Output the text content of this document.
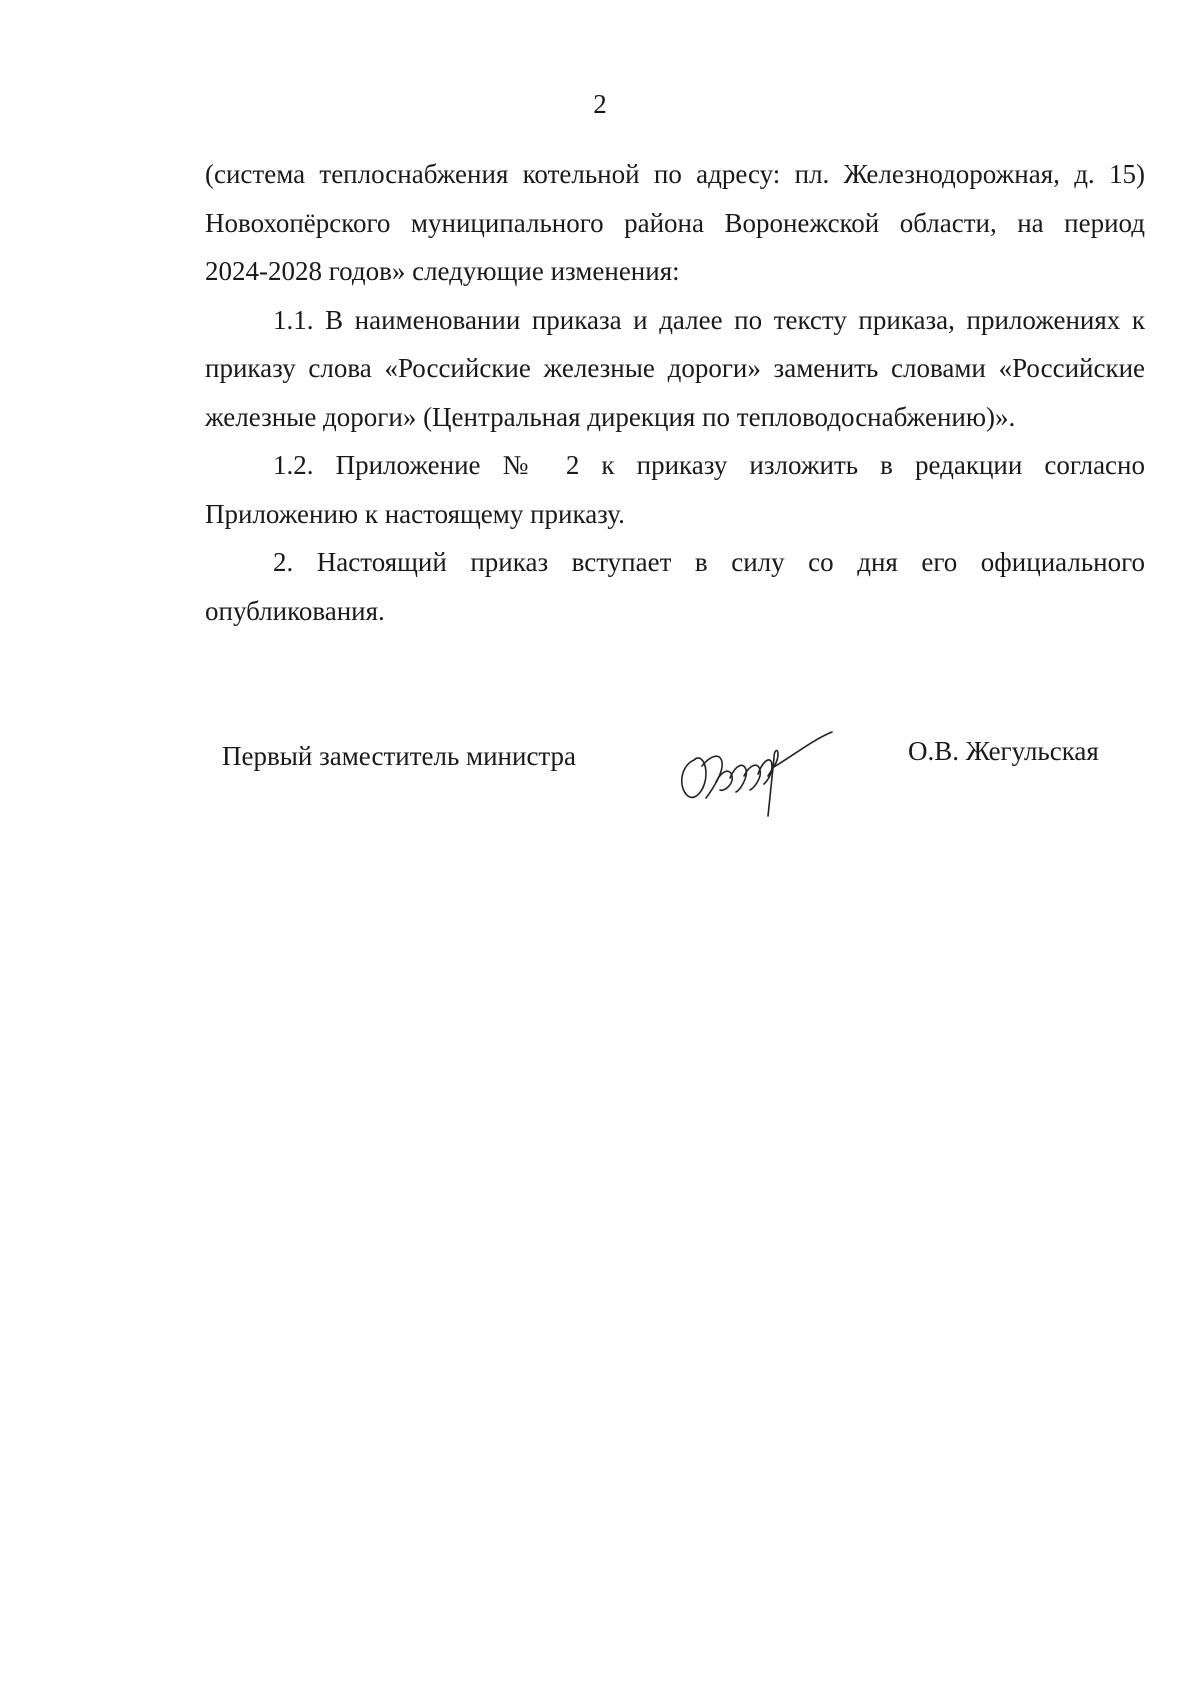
2
(система теплоснабжения котельной по адресу: пл. Железнодорожная, д. 15)
Новохопёрского муниципального района Воронежской области, на период
2024-2028 годов» следующие изменения:
1.1. В наименовании приказа и далее по тексту приказа, приложениях к
приказу слова «Российские железные дороги» заменить словами «Российские
железные дороги» (Центральная дирекция по тепловодоснабжению)».
1.2. Приложение № 2 к приказу изложить в редакции согласно
Приложению к настоящему приказу.
2. Настоящий приказ вступает в силу со дня его официального
опубликования.
Первый заместитель министра	О.В. Жегульская
